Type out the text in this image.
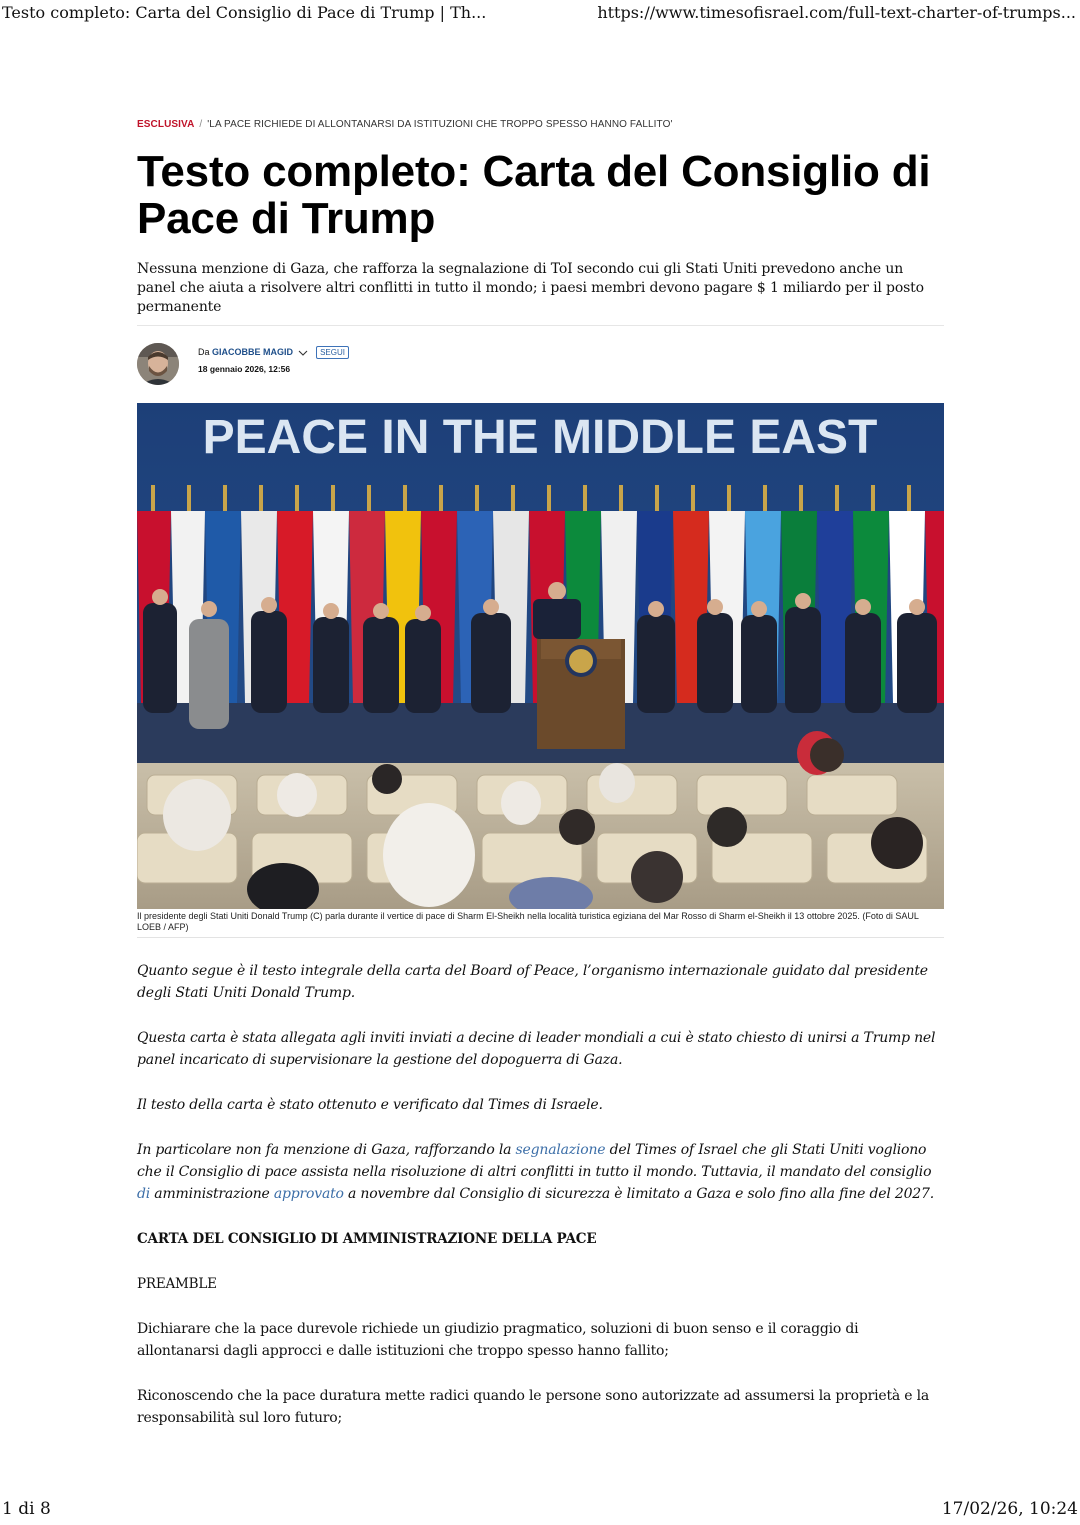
Testo completo: Carta del Consiglio di Pace di Trump | Th...	https://www.timesofisrael.com/full-text-charter-of-trumps...
ESCLUSIVA / 'LA PACE RICHIEDE DI ALLONTANARSI DA ISTITUZIONI CHE TROPPO SPESSO HANNO FALLITO'
Testo completo: Carta del Consiglio di Pace di Trump
Nessuna menzione di Gaza, che rafforza la segnalazione di ToI secondo cui gli Stati Uniti prevedono anche un panel che aiuta a risolvere altri conflitti in tutto il mondo; i paesi membri devono pagare $ 1 miliardo per il posto permanente
Da GIACOBBE MAGID	SEGUI
18 gennaio 2026, 12:56
PEACE IN THE MIDDLE EAST
Il presidente degli Stati Uniti Donald Trump (C) parla durante il vertice di pace di Sharm El-Sheikh nella località turistica egiziana del Mar Rosso di Sharm el-Sheikh il 13 ottobre 2025. (Foto di SAUL LOEB / AFP)

Quanto segue è il testo integrale della carta del Board of Peace, l’organismo internazionale guidato dal presidente degli Stati Uniti Donald Trump.

Questa carta è stata allegata agli inviti inviati a decine di leader mondiali a cui è stato chiesto di unirsi a Trump nel panel incaricato di supervisionare la gestione del dopoguerra di Gaza.

Il testo della carta è stato ottenuto e verificato dal Times di Israele.

In particolare non fa menzione di Gaza, rafforzando la segnalazione del Times of Israel che gli Stati Uniti vogliono che il Consiglio di pace assista nella risoluzione di altri conflitti in tutto il mondo. Tuttavia, il mandato del consiglio di amministrazione approvato a novembre dal Consiglio di sicurezza è limitato a Gaza e solo fino alla fine del 2027.

CARTA DEL CONSIGLIO DI AMMINISTRAZIONE DELLA PACE

PREAMBLE

Dichiarare che la pace durevole richiede un giudizio pragmatico, soluzioni di buon senso e il coraggio di allontanarsi dagli approcci e dalle istituzioni che troppo spesso hanno fallito;

Riconoscendo che la pace duratura mette radici quando le persone sono autorizzate ad assumersi la proprietà e la responsabilità sul loro futuro;

1 di 8	17/02/26, 10:24
